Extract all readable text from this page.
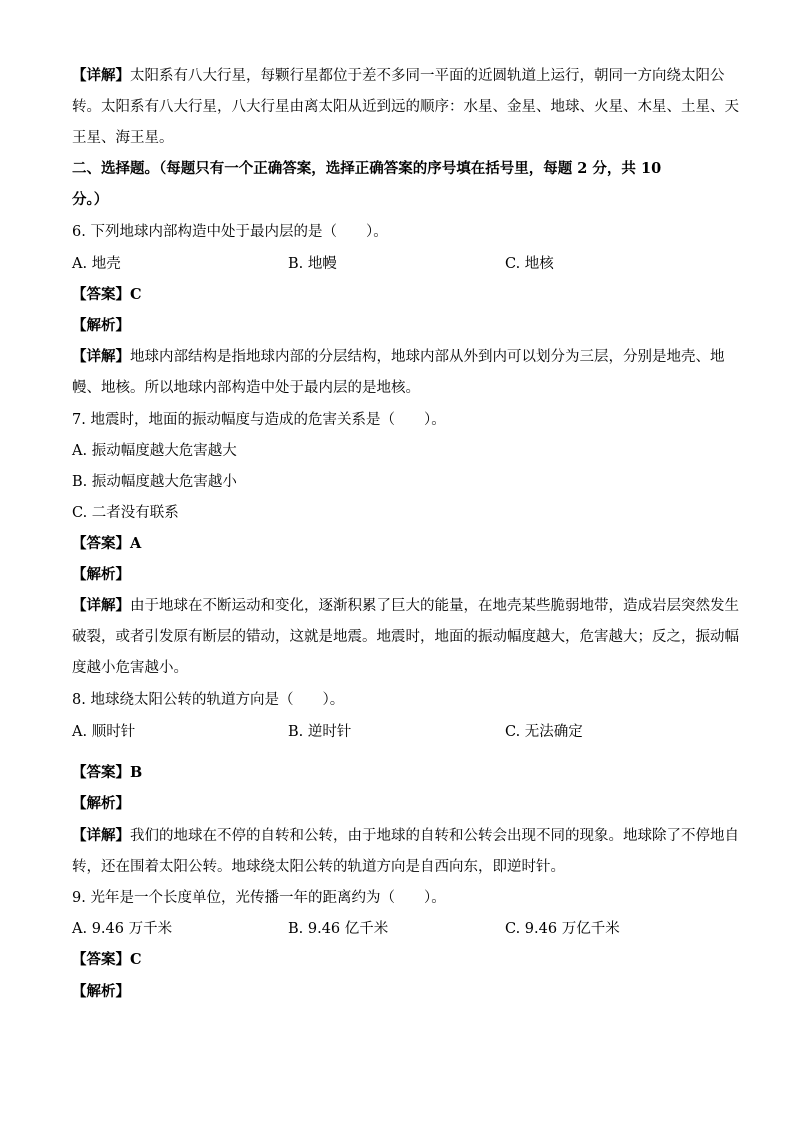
【详解】太阳系有八大行星，每颗行星都位于差不多同一平面的近圆轨道上运行，朝同一方向绕太阳公
转。太阳系有八大行星，八大行星由离太阳从近到远的顺序：水星、金星、地球、火星、木星、土星、天
王星、海王星。
二、选择题。（每题只有一个正确答案，选择正确答案的序号填在括号里，每题 2 分，共 10
分。）
6. 下列地球内部构造中处于最内层的是（　　）。
A. 地壳	B. 地幔	C. 地核
【答案】C
【解析】
【详解】地球内部结构是指地球内部的分层结构，地球内部从外到内可以划分为三层，分别是地壳、地
幔、地核。所以地球内部构造中处于最内层的是地核。
7. 地震时，地面的振动幅度与造成的危害关系是（　　）。
A. 振动幅度越大危害越大
B. 振动幅度越大危害越小
C. 二者没有联系
【答案】A
【解析】
【详解】由于地球在不断运动和变化，逐渐积累了巨大的能量，在地壳某些脆弱地带，造成岩层突然发生
破裂，或者引发原有断层的错动，这就是地震。地震时，地面的振动幅度越大，危害越大；反之，振动幅
度越小危害越小。
8. 地球绕太阳公转的轨道方向是（　　）。
A. 顺时针	B. 逆时针	C. 无法确定
【答案】B
【解析】
【详解】我们的地球在不停的自转和公转，由于地球的自转和公转会出现不同的现象。地球除了不停地自
转，还在围着太阳公转。地球绕太阳公转的轨道方向是自西向东，即逆时针。
9. 光年是一个长度单位，光传播一年的距离约为（　　）。
A. 9.46 万千米	B. 9.46 亿千米	C. 9.46 万亿千米
【答案】C
【解析】
